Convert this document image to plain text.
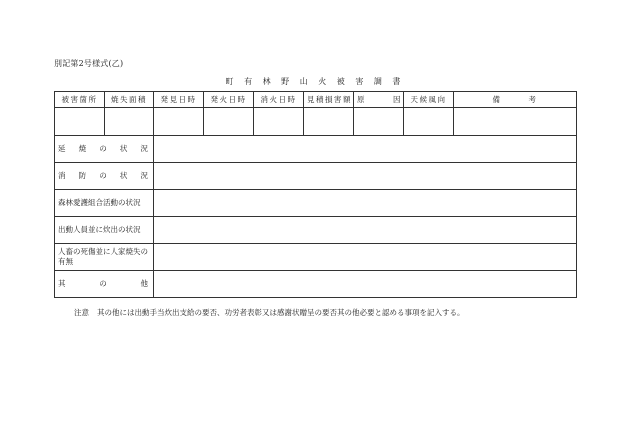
別記第2号様式(乙)
町 有 林 野 山 火 被 害 調 書
被害箇所	焼失面積	発見日時	発火日時	消火日時	見積損害額	原　　　因	天候風向	備　　　考

延 焼 の 状 況								

消 防 の 状 況								

森林愛護組合活動の状況								
出動人員並に炊出の状況								
人畜の死傷並に人家焼失の有無								

其 の 他								

注意 其の他には出動手当炊出支給の要否、功労者表彰又は感謝状贈呈の要否其の他必要と認める事項を記入する。
